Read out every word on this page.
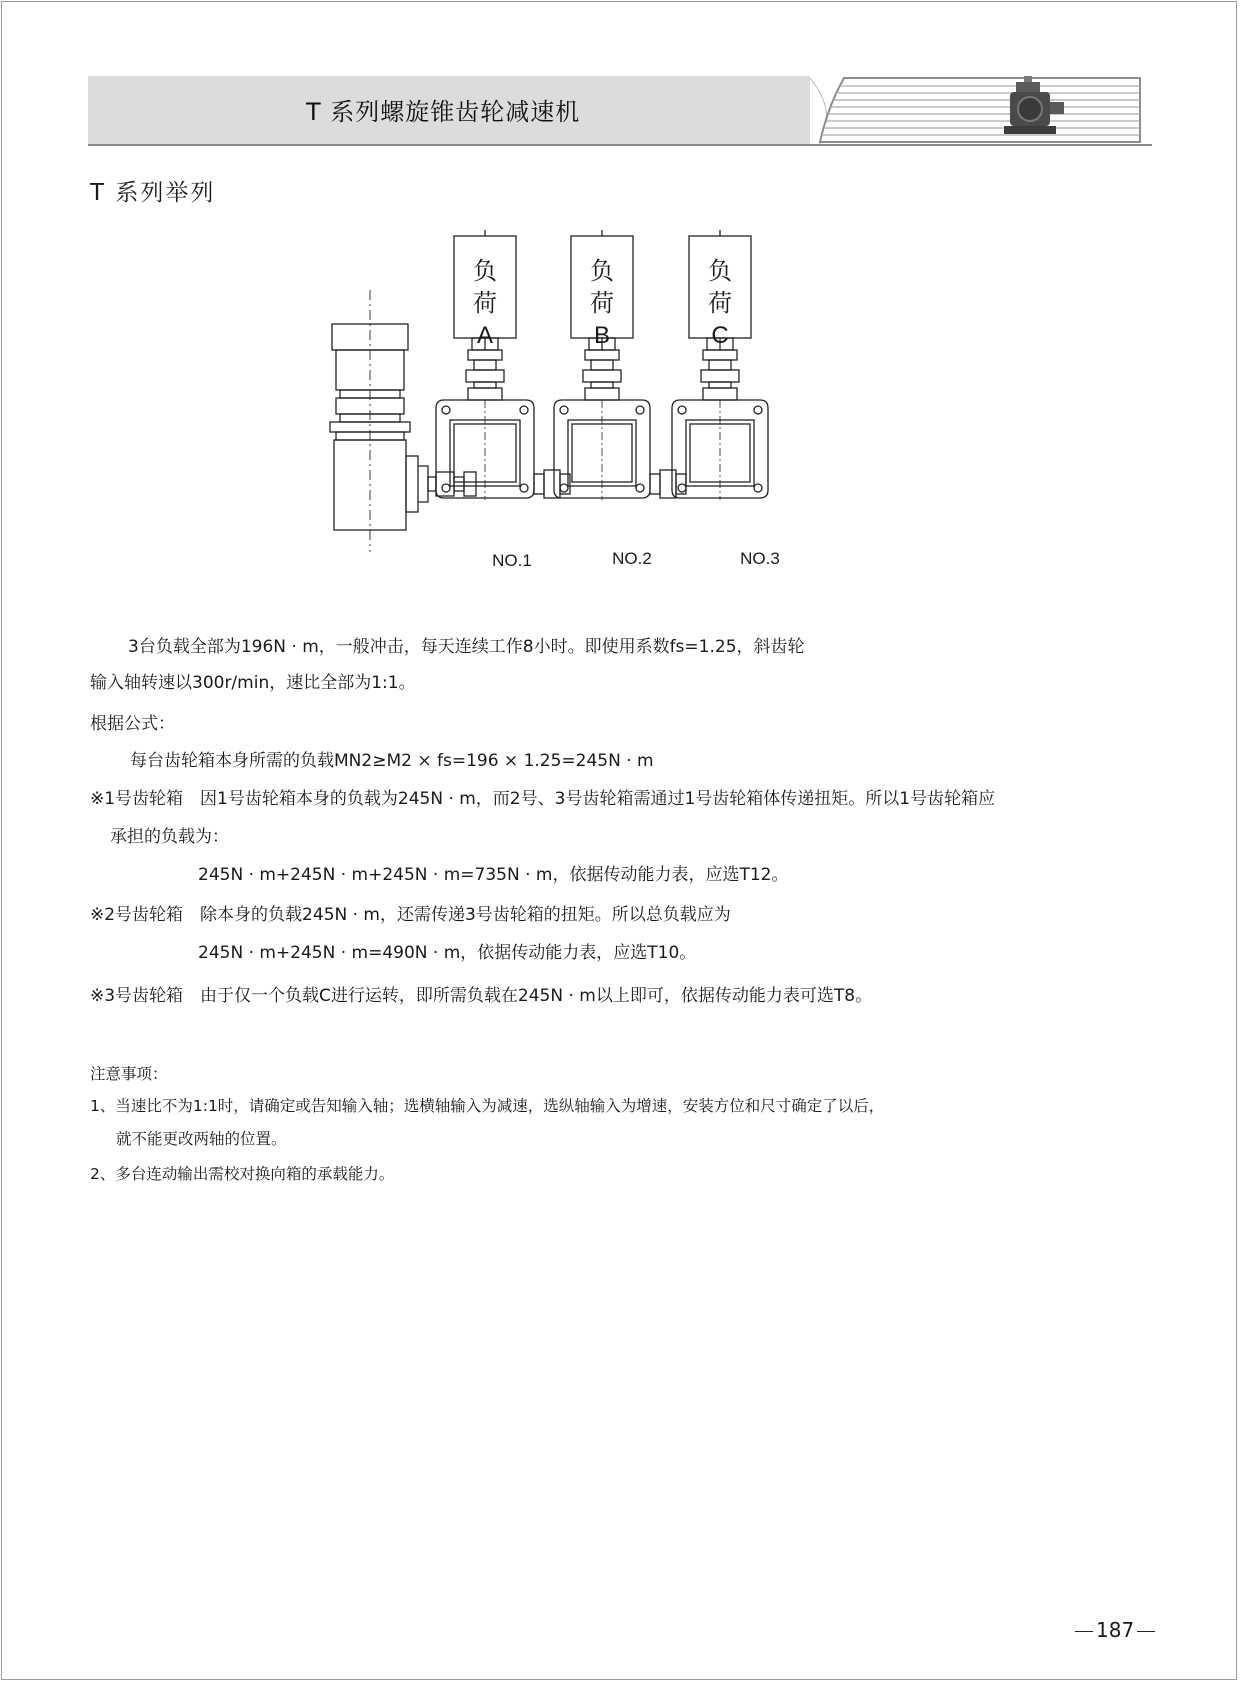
T 系列螺旋锥齿轮减速机
T 系列举列
负
荷
A
负
荷
B
负
荷
C
NO.1	NO.2	NO.3
3台负载全部为196N · m，一般冲击，每天连续工作8小时。即使用系数fs=1.25，斜齿轮
输入轴转速以300r/min，速比全部为1:1。
根据公式：
每台齿轮箱本身所需的负载MN2≥M2 × fs=196 × 1.25=245N · m
※1号齿轮箱　因1号齿轮箱本身的负载为245N · m，而2号、3号齿轮箱需通过1号齿轮箱体传递扭矩。所以1号齿轮箱应
承担的负载为：
245N · m+245N · m+245N · m=735N · m，依据传动能力表，应选T12。
※2号齿轮箱　除本身的负载245N · m，还需传递3号齿轮箱的扭矩。所以总负载应为
245N · m+245N · m=490N · m，依据传动能力表，应选T10。
※3号齿轮箱　由于仅一个负载C进行运转，即所需负载在245N · m以上即可，依据传动能力表可选T8。
注意事项：
1、当速比不为1:1时，请确定或告知输入轴；选横轴输入为减速，选纵轴输入为增速，安装方位和尺寸确定了以后，
就不能更改两轴的位置。
2、多台连动输出需校对换向箱的承载能力。
187
